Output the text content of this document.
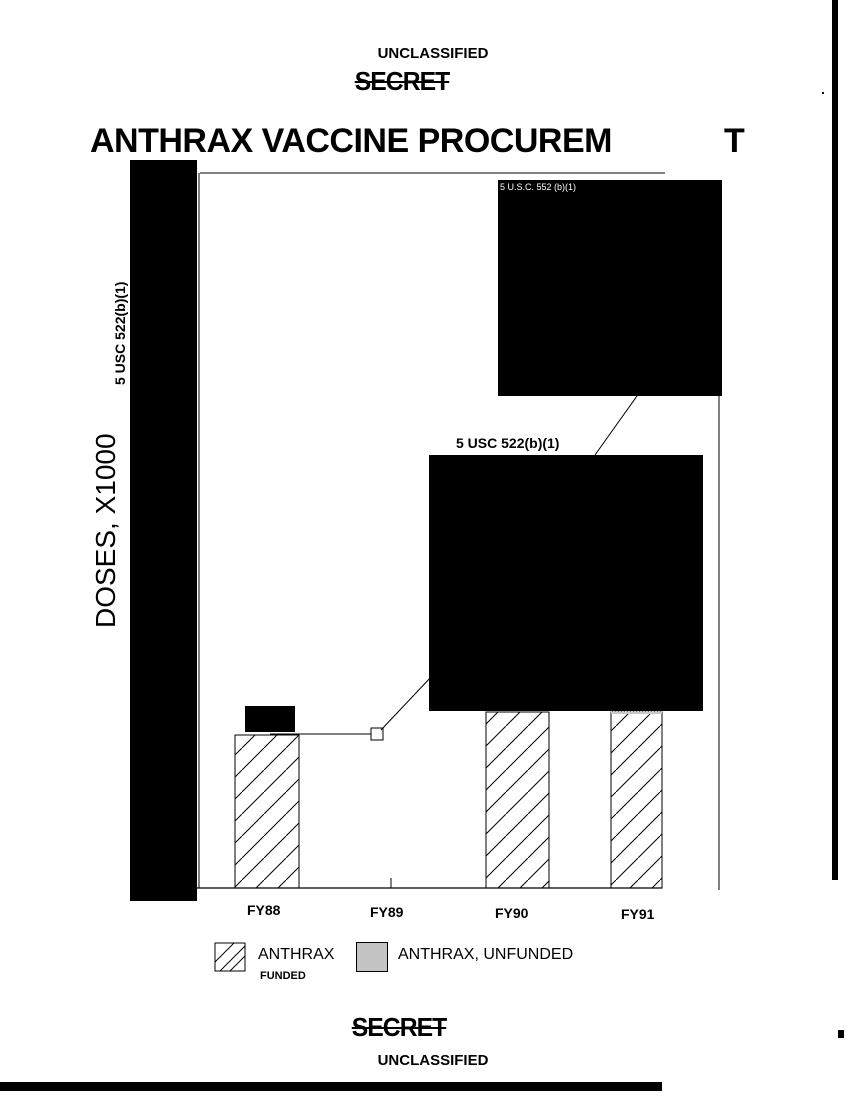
UNCLASSIFIED
SECRET
ANTHRAX VACCINE PROCUREM	T
5 U.S.C. 552 (b)(1)
5 USC 522(b)(1)
5 USC 522(b)(1)
DOSES, X1000
FY88	FY89	FY90	FY91
ANTHRAX
FUNDED
ANTHRAX, UNFUNDED
SECRET
UNCLASSIFIED
